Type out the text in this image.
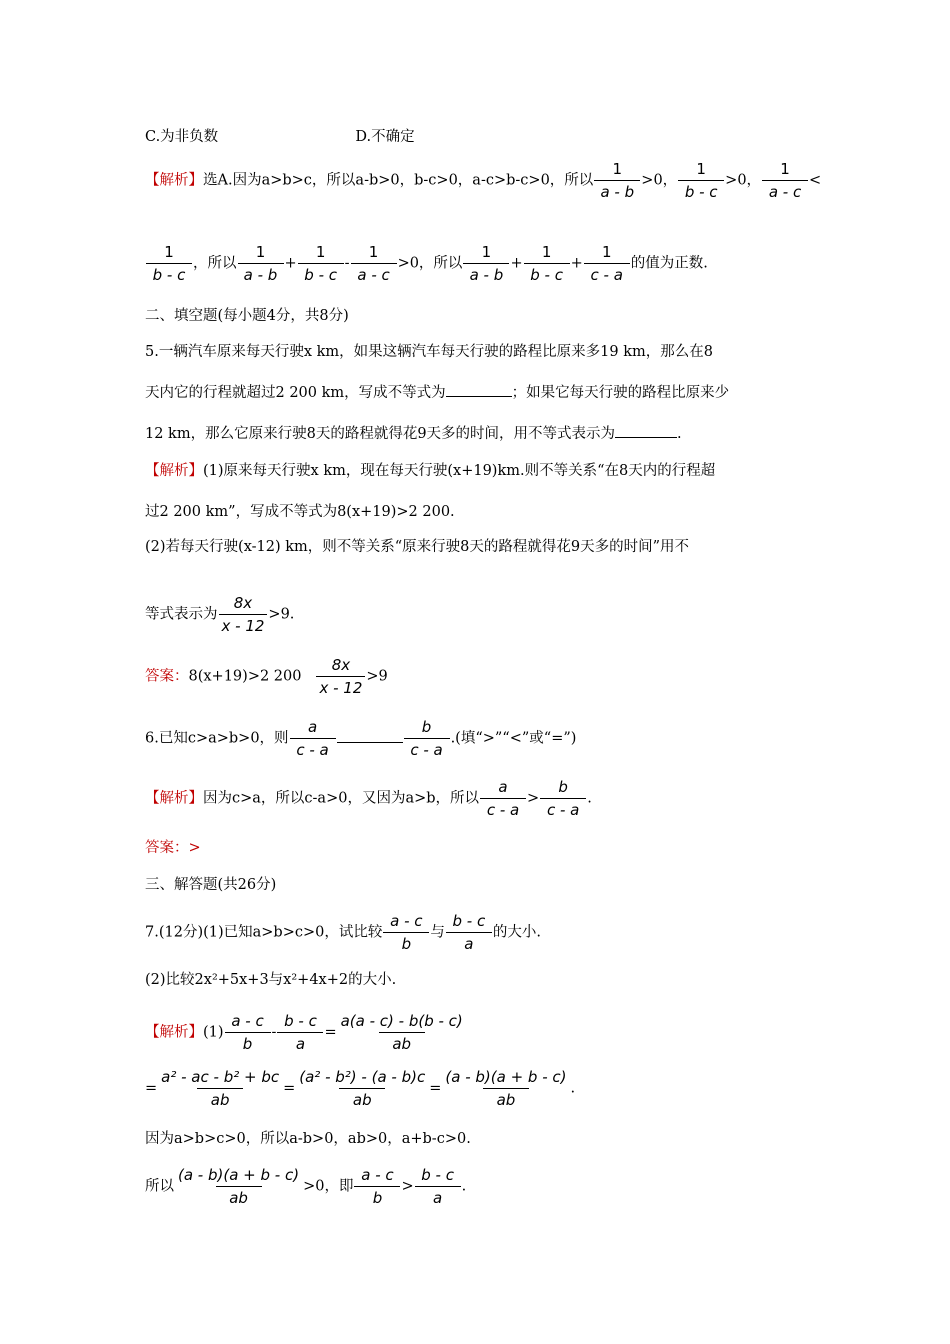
C.为非负数	D.不确定
【解析】选A.因为a>b>c，所以a-b>0，b-c>0，a-c>b-c>0，所以 $\frac{1}{a - b} >0$， $\frac{1}{b - c} >0$， $\frac{1}{a - c}$ <
$\frac{1}{b - c}$ ，所以 $\frac{1}{a - b} + \frac{1}{b - c} - \frac{1}{a - c} >0$，所以 $\frac{1}{a - b} + \frac{1}{b - c} + \frac{1}{c - a}$ 的值为正数.
二、填空题(每小题4分，共8分)
5.一辆汽车原来每天行驶x km，如果这辆汽车每天行驶的路程比原来多19 km，那么在8
天内它的行程就超过2 200 km，写成不等式为	；如果它每天行驶的路程比原来少
12 km，那么它原来行驶8天的路程就得花9天多的时间，用不等式表示为	.
【解析】(1)原来每天行驶x km，现在每天行驶(x+19)km.则不等关系“在8天内的行程超
过2 200 km”，写成不等式为8(x+19)>2 200.
(2)若每天行驶(x-12) km，则不等关系“原来行驶8天的路程就得花9天多的时间”用不
等式表示为 $\frac{8x}{x - 12} >9$.
答案：8(x+19)>2 $200 \frac{8x}{x - 12} >9$
6.已知c>a>b>0，则 $\frac{a}{c - a}$	$\frac{b}{c - a}$ .(填“>”“<”或“=”)
【解析】因为c>a，所以c-a>0，又因为a>b，所以 $\frac{a}{c - a} > \frac{b}{c - a}$ .
答案：>
三、解答题(共26分)
7.(12分)(1)已知a>b>c>0，试比较 $\frac{a - c}{b}$ 与 $\frac{b - c}{a}$ 的大小.
(2)比较2x²+5x+3与x²+4x+2的大小.
【解析】$(1) \frac{a - c}{b} - \frac{b - c}{a} = \frac{a(a - c) - b(b - c)}{ab}$
= $\frac{\text{a² - ac - b² + bc}}{ab} = \frac{\text{(a² - b²) - (a - b)c}}{ab} = \frac{(a - b)(a + b - c)}{ab}$ .
因为a>b>c>0，所以a-b>0，ab>0，a+b-c>0.
所以 $\frac{(a - b)(a + b - c)}{ab} >0$，即 $\frac{a - c}{b} > \frac{b - c}{a}$ .
